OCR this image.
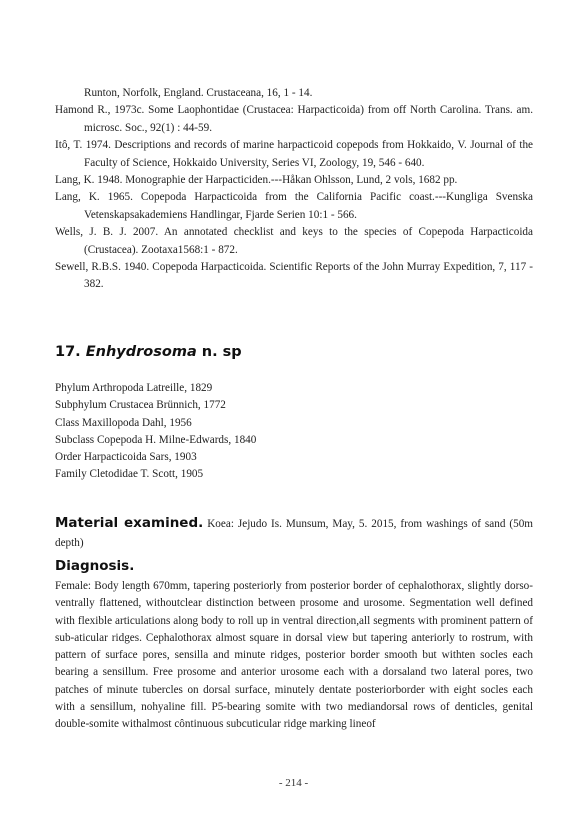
Runton, Norfolk, England. Crustaceana, 16, 1 - 14.

Hamond R., 1973c. Some Laophontidae (Crustacea: Harpacticoida) from off North Carolina. Trans. am. microsc. Soc., 92(1) : 44-59.

Itô, T. 1974. Descriptions and records of marine harpacticoid copepods from Hokkaido, V. Journal of the Faculty of Science, Hokkaido University, Series VI, Zoology, 19, 546 - 640.

Lang, K. 1948. Monographie der Harpacticiden.---Håkan Ohlsson, Lund, 2 vols, 1682 pp.

Lang, K. 1965. Copepoda Harpacticoida from the California Pacific coast.---Kungliga Svenska Vetenskapsakademiens Handlingar, Fjarde Serien 10:1 - 566.

Wells, J. B. J. 2007. An annotated checklist and keys to the species of Copepoda Harpacticoida (Crustacea). Zootaxa1568:1 - 872.

Sewell, R.B.S. 1940. Copepoda Harpacticoida. Scientific Reports of the John Murray Expedition, 7, 117 - 382.

17. Enhydrosoma n. sp

Phylum Arthropoda Latreille, 1829

Subphylum Crustacea Brünnich, 1772

Class Maxillopoda Dahl, 1956

Subclass Copepoda H. Milne-Edwards, 1840

Order Harpacticoida Sars, 1903

Family Cletodidae T. Scott, 1905

Material examined. Koea: Jejudo Is. Munsum, May, 5. 2015, from washings of sand (50m depth)

Diagnosis.

Female: Body length 670mm, tapering posteriorly from posterior border of cephalothorax, slightly dorso-ventrally flattened, withoutclear distinction between prosome and urosome. Segmentation well defined with flexible articulations along body to roll up in ventral direction,all segments with prominent pattern of sub-aticular ridges. Cephalothorax almost square in dorsal view but tapering anteriorly to rostrum, with pattern of surface pores, sensilla and minute ridges, posterior border smooth but withten socles each bearing a sensillum. Free prosome and anterior urosome each with a dorsaland two lateral pores, two patches of minute tubercles on dorsal surface, minutely dentate posteriorborder with eight socles each with a sensillum, nohyaline fill. P5-bearing somite with two mediandorsal rows of denticles, genital double-somite withalmost côntinuous subcuticular ridge marking lineof

- 214 -
